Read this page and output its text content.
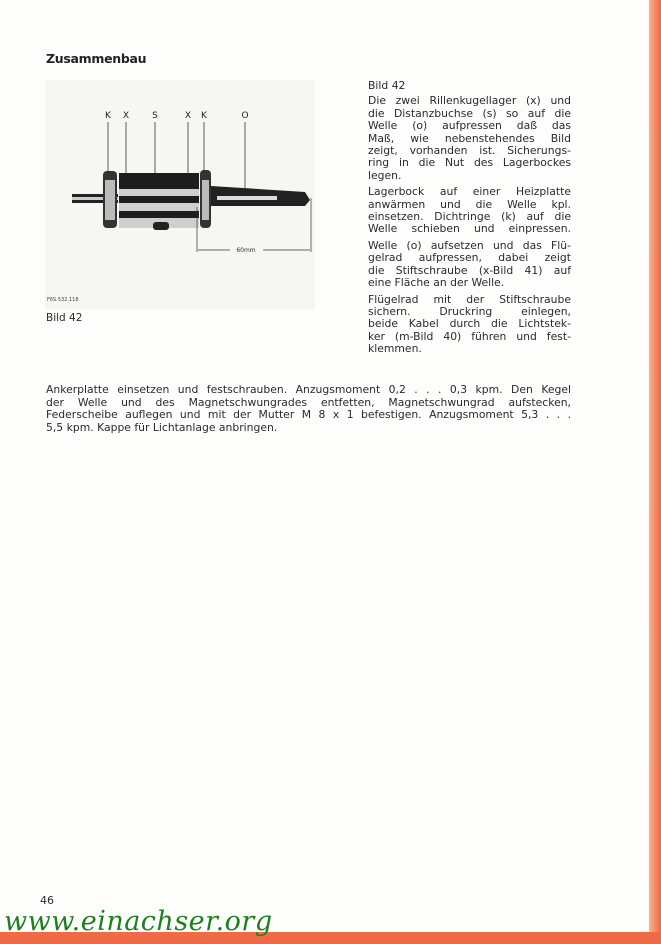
Zusammenbau
K X	S	X K	O
60mm
F6S 532.118
Bild 42
Bild 42

Die zwei Rillenkugellager (x) und
die Distanzbuchse (s) so auf die
Welle (o) aufpressen daß das
Maß, wie nebenstehendes Bild
zeigt, vorhanden ist. Sicherungs-
ring in die Nut des Lagerbockes
legen.

Lagerbock auf einer Heizplatte
anwärmen und die Welle kpl.
einsetzen. Dichtringe (k) auf die
Welle schieben und einpressen.

Welle (o) aufsetzen und das Flü-
gelrad aufpressen, dabei zeigt
die Stiftschraube (x-Bild 41) auf
eine Fläche an der Welle.

Flügelrad mit der Stiftschraube
sichern. Druckring einlegen,
beide Kabel durch die Lichtstek-
ker (m-Bild 40) führen und fest-
klemmen.

Ankerplatte einsetzen und festschrauben. Anzugsmoment 0,2 . . . 0,3 kpm. Den Kegel
der Welle und des Magnetschwungrades entfetten, Magnetschwungrad aufstecken,
Federscheibe auflegen und mit der Mutter M 8 x 1 befestigen. Anzugsmoment 5,3 . . .
5,5 kpm. Kappe für Lichtanlage anbringen.
46
www.einachser.org
